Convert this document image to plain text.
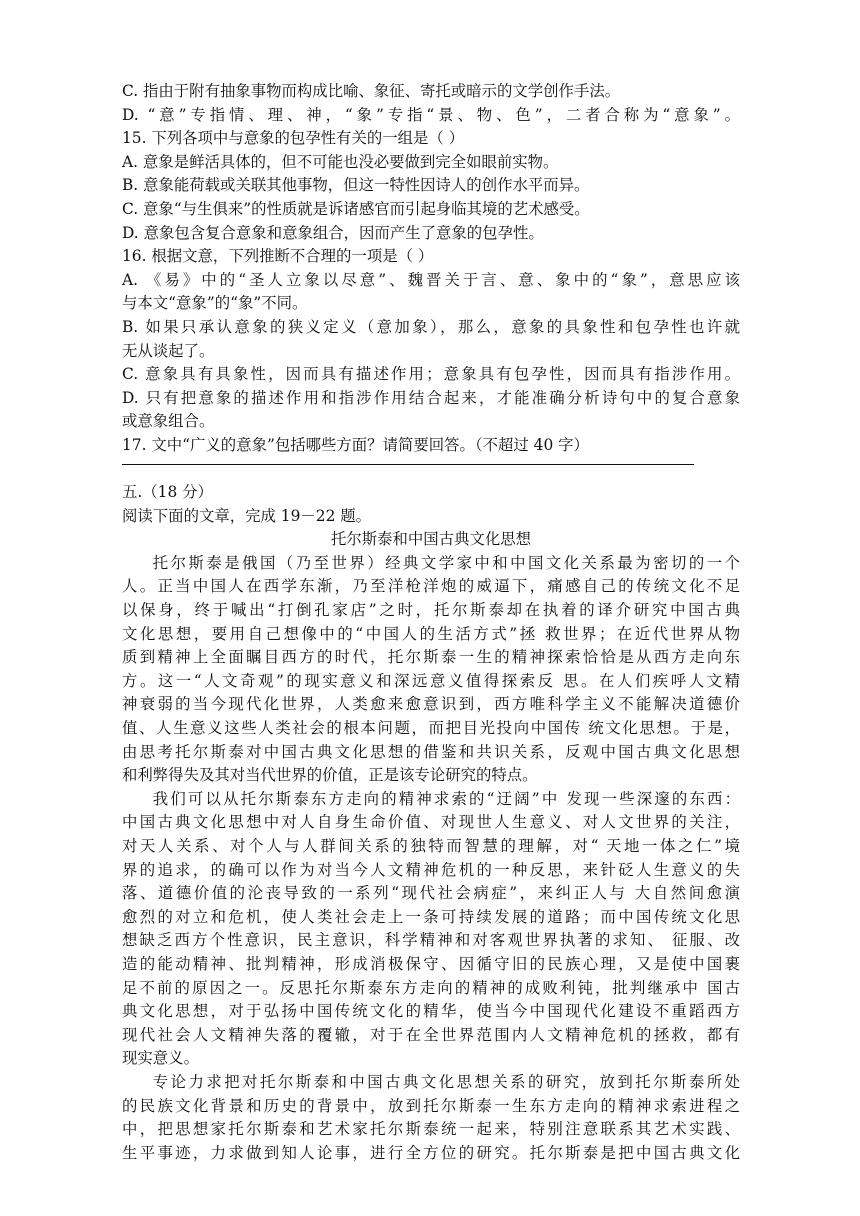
C. 指由于附有抽象事物而构成比喻、象征、寄托或暗示的文学创作手法。
D. “意”专指情、理、神，“象”专指“景、物、色”，二者合称为“意象”。
15. 下列各项中与意象的包孕性有关的一组是（ ）
A. 意象是鲜活具体的，但不可能也没必要做到完全如眼前实物。
B. 意象能荷载或关联其他事物，但这一特性因诗人的创作水平而异。
C. 意象“与生俱来”的性质就是诉诸感官而引起身临其境的艺术感受。
D. 意象包含复合意象和意象组合，因而产生了意象的包孕性。
16. 根据文意，下列推断不合理的一项是（ ）
A. 《易》中的“圣人立象以尽意”、魏晋关于言、意、象中的“象”，意思应该
与本文“意象”的“象”不同。
B. 如果只承认意象的狭义定义（意加象），那么，意象的具象性和包孕性也许就
无从谈起了。
C. 意象具有具象性，因而具有描述作用；意象具有包孕性，因而具有指涉作用。
D. 只有把意象的描述作用和指涉作用结合起来，才能准确分析诗句中的复合意象
或意象组合。
17. 文中“广义的意象”包括哪些方面？请简要回答。（不超过 40 字）
五.（18 分）
阅读下面的文章，完成 19－22 题。
托尔斯泰和中国古典文化思想
托尔斯泰是俄国（乃至世界）经典文学家中和中国文化关系最为密切的一个
人。正当中国人在西学东渐，乃至洋枪洋炮的威逼下，痛感自己的传统文化不足
以保身，终于喊出“打倒孔家店”之时，托尔斯泰却在执着的译介研究中国古典
文化思想，要用自己想像中的“中国人的生活方式”拯 救世界；在近代世界从物
质到精神上全面瞩目西方的时代，托尔斯泰一生的精神探索恰恰是从西方走向东
方。这一“人文奇观”的现实意义和深远意义值得探索反 思。在人们疾呼人文精
神衰弱的当今现代化世界，人类愈来愈意识到，西方唯科学主义不能解决道德价
值、人生意义这些人类社会的根本问题，而把目光投向中国传 统文化思想。于是，
由思考托尔斯泰对中国古典文化思想的借鉴和共识关系，反观中国古典文化思想
和利弊得失及其对当代世界的价值，正是该专论研究的特点。
我们可以从托尔斯泰东方走向的精神求索的“迂阔”中 发现一些深邃的东西：
中国古典文化思想中对人自身生命价值、对现世人生意义、对人文世界的关注，
对天人关系、对个人与人群间关系的独特而智慧的理解，对“ 天地一体之仁”境
界的追求，的确可以作为对当今人文精神危机的一种反思，来针砭人生意义的失
落、道德价值的沦丧导致的一系列“现代社会病症”，来纠正人与 大自然间愈演
愈烈的对立和危机，使人类社会走上一条可持续发展的道路；而中国传统文化思
想缺乏西方个性意识，民主意识，科学精神和对客观世界执著的求知、 征服、改
造的能动精神、批判精神，形成消极保守、因循守旧的民族心理，又是使中国裹
足不前的原因之一。反思托尔斯泰东方走向的精神的成败利钝，批判继承中 国古
典文化思想，对于弘扬中国传统文化的精华，使当今中国现代化建设不重蹈西方
现代社会人文精神失落的覆辙，对于在全世界范围内人文精神危机的拯救，都有
现实意义。
专论力求把对托尔斯泰和中国古典文化思想关系的研究，放到托尔斯泰所处
的民族文化背景和历史的背景中，放到托尔斯泰一生东方走向的精神求索进程之
中，把思想家托尔斯泰和艺术家托尔斯泰统一起来，特别注意联系其艺术实践、
生平事迹，力求做到知人论事，进行全方位的研究。托尔斯泰是把中国古典文化
